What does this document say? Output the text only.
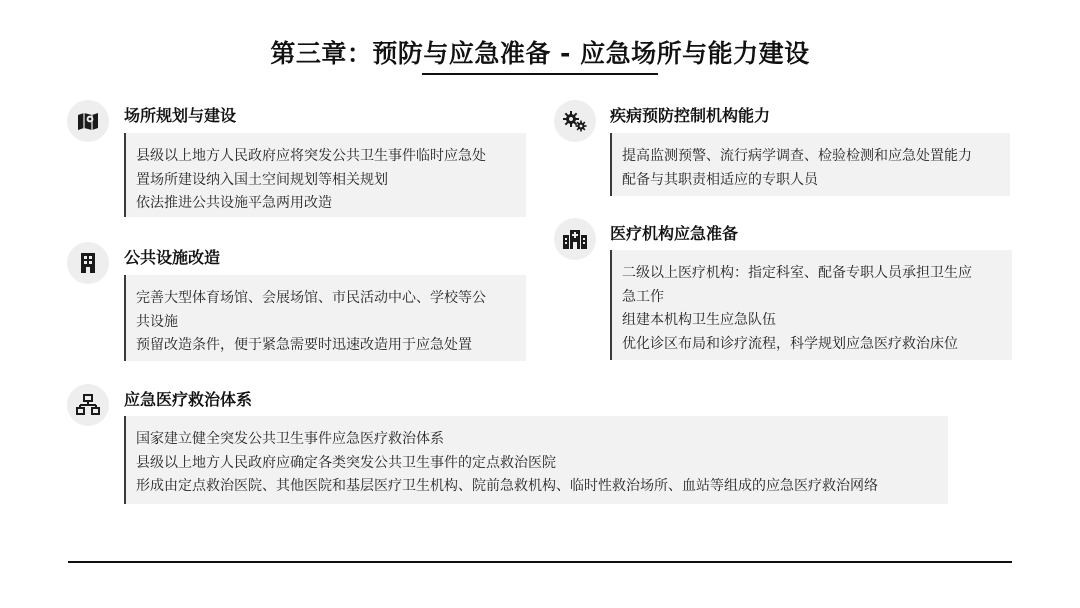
第三章：预防与应急准备 - 应急场所与能力建设
场所规划与建设
县级以上地方人民政府应将突发公共卫生事件临时应急处
置场所建设纳入国土空间规划等相关规划
依法推进公共设施平急两用改造
公共设施改造
完善大型体育场馆、会展场馆、市民活动中心、学校等公
共设施
预留改造条件，便于紧急需要时迅速改造用于应急处置
应急医疗救治体系
国家建立健全突发公共卫生事件应急医疗救治体系
县级以上地方人民政府应确定各类突发公共卫生事件的定点救治医院
形成由定点救治医院、其他医院和基层医疗卫生机构、院前急救机构、临时性救治场所、血站等组成的应急医疗救治网络
疾病预防控制机构能力
提高监测预警、流行病学调查、检验检测和应急处置能力
配备与其职责相适应的专职人员
医疗机构应急准备
二级以上医疗机构：指定科室、配备专职人员承担卫生应
急工作
组建本机构卫生应急队伍
优化诊区布局和诊疗流程，科学规划应急医疗救治床位
